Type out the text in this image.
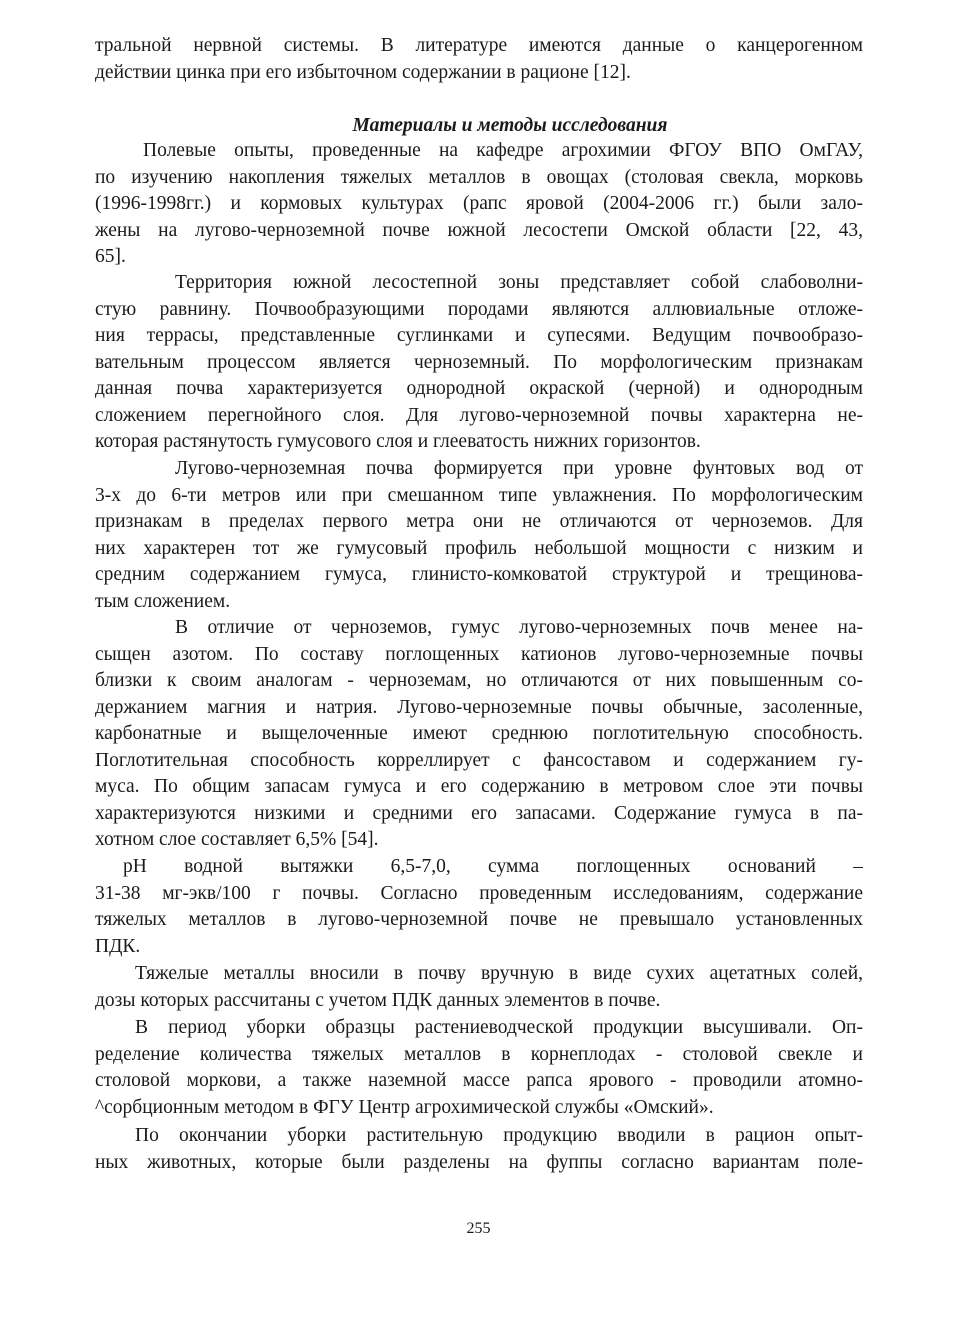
тральной нервной системы. В литературе имеются данные о канцерогенном
действии цинка при его избыточном содержании в рационе [12].
Материалы и методы исследования
Полевые опыты, проведенные на кафедре агрохимии ФГОУ ВПО ОмГАУ,
по изучению накопления тяжелых металлов в овощах (столовая свекла, морковь
(1996-1998гг.) и кормовых культурах (рапс яровой (2004-2006 гг.) были зало-
жены на лугово-черноземной почве южной лесостепи Омской области [22, 43,
65].
Территория южной лесостепной зоны представляет собой слабоволни-
стую равнину. Почвообразующими породами являются аллювиальные отложе-
ния террасы, представленные суглинками и супесями. Ведущим почвообразо-
вательным процессом является черноземный. По морфологическим признакам
данная почва характеризуется однородной окраской (черной) и однородным
сложением перегнойного слоя. Для лугово-черноземной почвы характерна не-
которая растянутость гумусового слоя и глееватость нижних горизонтов.
Лугово-черноземная почва формируется при уровне фунтовых вод от
3-х до 6-ти метров или при смешанном типе увлажнения. По морфологическим
признакам в пределах первого метра они не отличаются от черноземов. Для
них характерен тот же гумусовый профиль небольшой мощности с низким и
средним содержанием гумуса, глинисто-комковатой структурой и трещинова-
тым сложением.
В отличие от черноземов, гумус лугово-черноземных почв менее на-
сыщен азотом. По составу поглощенных катионов лугово-черноземные почвы
близки к своим аналогам - черноземам, но отличаются от них повышенным со-
держанием магния и натрия. Лугово-черноземные почвы обычные, засоленные,
карбонатные и выщелоченные имеют среднюю поглотительную способность.
Поглотительная способность корреллирует с фансоставом и содержанием гу-
муса. По общим запасам гумуса и его содержанию в метровом слое эти почвы
характеризуются низкими и средними его запасами. Содержание гумуса в па-
хотном слое составляет 6,5% [54].
pH водной вытяжки 6,5-7,0, сумма поглощенных оснований –
31-38 мг-экв/100 г почвы. Согласно проведенным исследованиям, содержание
тяжелых металлов в лугово-черноземной почве не превышало установленных
ПДК.
Тяжелые металлы вносили в почву вручную в виде сухих ацетатных солей,
дозы которых рассчитаны с учетом ПДК данных элементов в почве.
В период уборки образцы растениеводческой продукции высушивали. Оп-
ределение количества тяжелых металлов в корнеплодах - столовой свекле и
столовой моркови, а также наземной массе рапса ярового - проводили атомно-
^сорбционным методом в ФГУ Центр агрохимической службы «Омский».
По окончании уборки растительную продукцию вводили в рацион опыт-
ных животных, которые были разделены на фуппы согласно вариантам поле-
255
